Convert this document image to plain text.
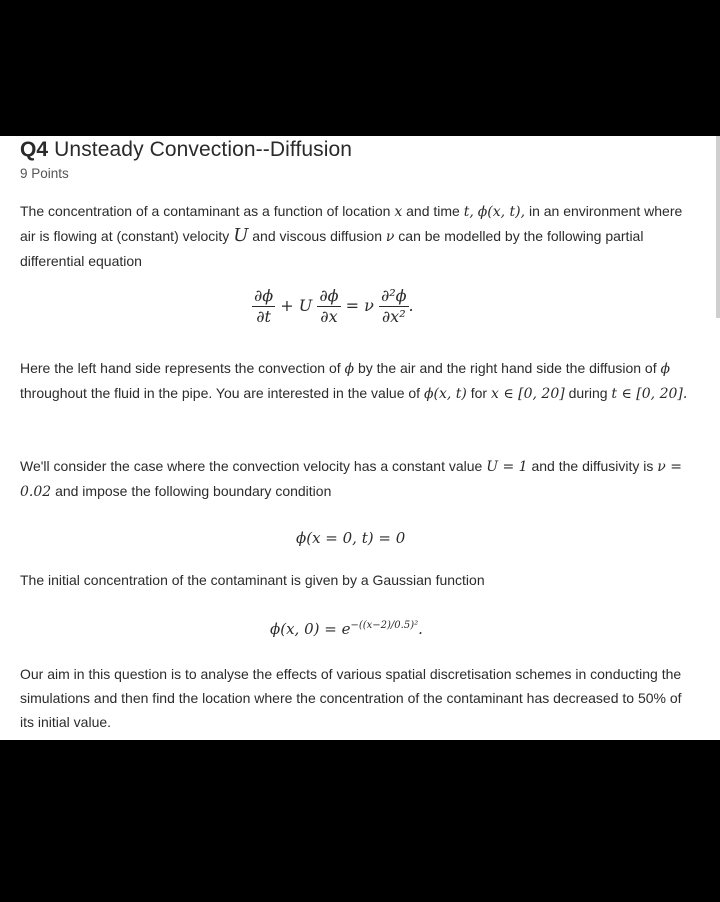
Q4 Unsteady Convection--Diffusion
9 Points
The concentration of a contaminant as a function of location x and time t, ϕ(x, t), in an environment where air is flowing at (constant) velocity U and viscous diffusion ν can be modelled by the following partial differential equation
$\frac{\partial\phi}{\partial t} + U \frac{\partial\phi}{\partial x} = \nu \frac{\text{∂²ϕ}}{\text{∂x²}}$ .
Here the left hand side represents the convection of ϕ by the air and the right hand side the diffusion of ϕ throughout the fluid in the pipe. You are interested in the value of ϕ(x, t) for x ∈ [0, 20] during t ∈ [0, 20].
We'll consider the case where the convection velocity has a constant value U = 1 and the diffusivity is ν = 0.02 and impose the following boundary condition
ϕ(x = 0, t) = 0
The initial concentration of the contaminant is given by a Gaussian function
ϕ(x, $0) = e^{-((x-2)/0.5)^2}$.
Our aim in this question is to analyse the effects of various spatial discretisation schemes in conducting the simulations and then find the location where the concentration of the contaminant has decreased to 50% of its initial value.
